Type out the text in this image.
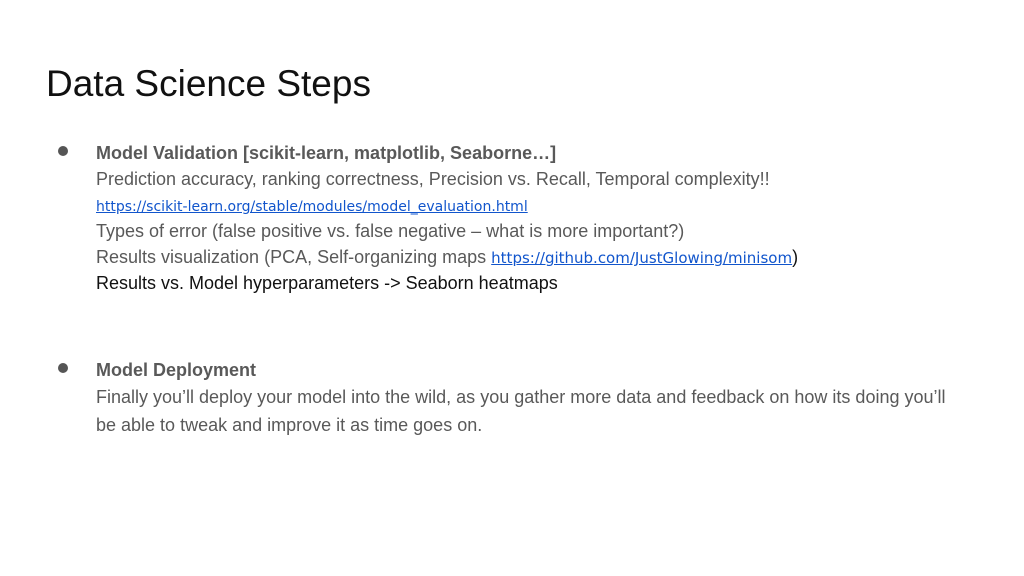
Data Science Steps
Model Validation [scikit-learn, matplotlib, Seaborne…]
Prediction accuracy, ranking correctness, Precision vs. Recall, Temporal complexity!!
https://scikit-learn.org/stable/modules/model_evaluation.html
Types of error (false positive vs. false negative – what is more important?)
Results visualization (PCA, Self-organizing maps https://github.com/JustGlowing/minisom)
Results vs. Model hyperparameters -> Seaborn heatmaps
Model Deployment
Finally you’ll deploy your model into the wild, as you gather more data and feedback on how its doing you’ll be able to tweak and improve it as time goes on.
